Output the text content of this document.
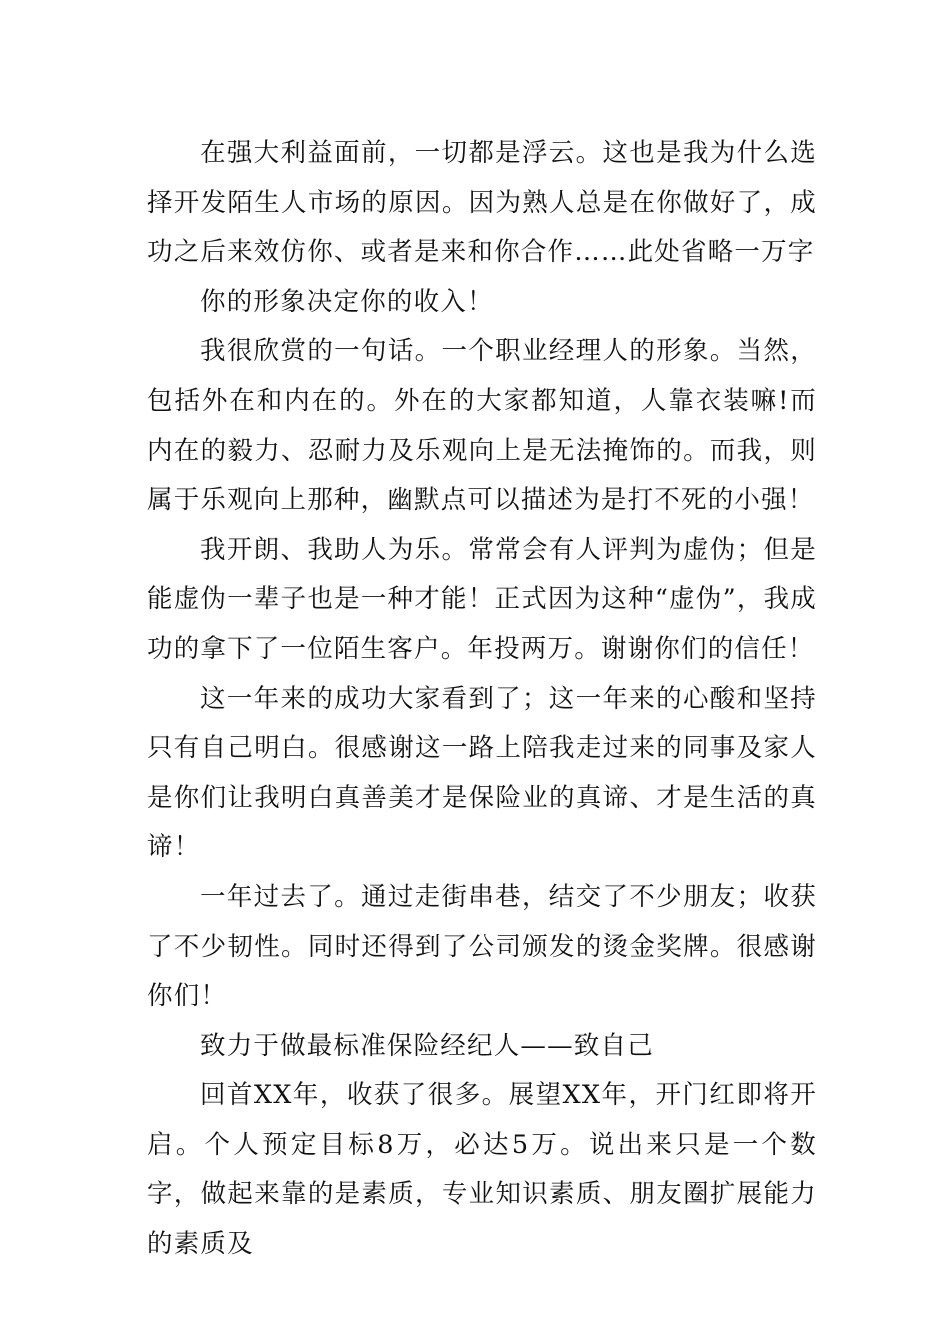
在强大利益面前，一切都是浮云。这也是我为什么选择开发陌生人市场的原因。因为熟人总是在你做好了，成功之后来效仿你、或者是来和你合作……此处省略一万字

你的形象决定你的收入！

我很欣赏的一句话。一个职业经理人的形象。当然，包括外在和内在的。外在的大家都知道，人靠衣装嘛!而内在的毅力、忍耐力及乐观向上是无法掩饰的。而我，则属于乐观向上那种，幽默点可以描述为是打不死的小强！

我开朗、我助人为乐。常常会有人评判为虚伪；但是能虚伪一辈子也是一种才能！正式因为这种“虚伪”，我成功的拿下了一位陌生客户。年投两万。谢谢你们的信任！

这一年来的成功大家看到了；这一年来的心酸和坚持只有自己明白。很感谢这一路上陪我走过来的同事及家人是你们让我明白真善美才是保险业的真谛、才是生活的真谛！

一年过去了。通过走街串巷，结交了不少朋友；收获了不少韧性。同时还得到了公司颁发的烫金奖牌。很感谢你们！

致力于做最标准保险经纪人——致自己

回首XX年，收获了很多。展望XX年，开门红即将开启。个人预定目标8万，必达5万。说出来只是一个数字，做起来靠的是素质，专业知识素质、朋友圈扩展能力的素质及
